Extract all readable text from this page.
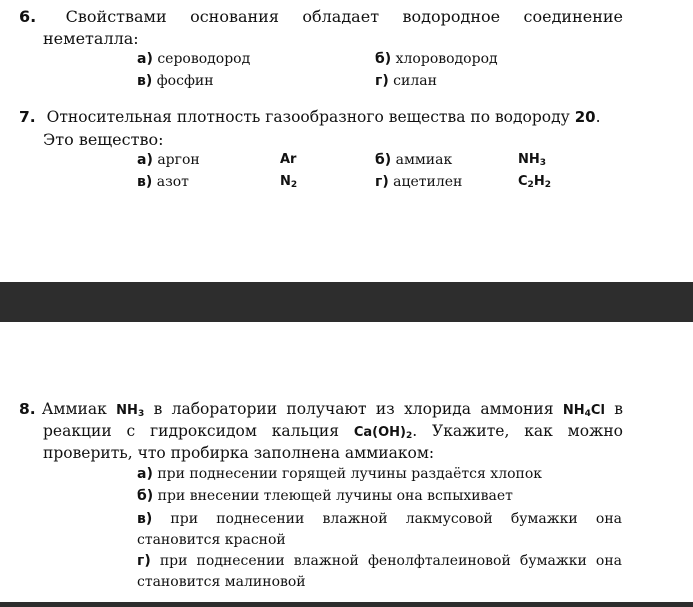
6. Свойствами основания обладает водородное соединение
неметалла:
а) сероводород	б) хлороводород
в) фосфин	г) силан
7. Относительная плотность газообразного вещества по водороду 20.
Это вещество:
а) аргон	Ar	б) аммиак	$NH_3$
в) азот	$N_2$	г) ацетилен	$C_2H_2$
8. Аммиак $NH_3$ в лаборатории получают из хлорида аммония $NH_4Cl$ в
реакции с гидроксидом кальция $Ca(OH)_2$. Укажите, как можно
проверить, что пробирка заполнена аммиаком:
а) при поднесении горящей лучины раздаётся хлопок
б) при внесении тлеющей лучины она вспыхивает
в) при поднесении влажной лакмусовой бумажки она становится красной
г) при поднесении влажной фенолфталеиновой бумажки она становится малиновой
